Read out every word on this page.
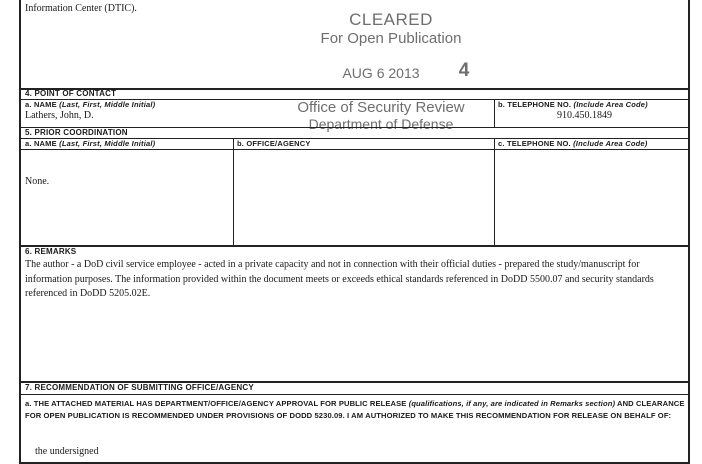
Information Center (DTIC).
CLEARED
For Open Publication
AUG 6 2013	4
4. POINT OF CONTACT
a. NAME (Last, First, Middle Initial)
Lathers, John, D.	Office of Security Review
Department of Defense
b. TELEPHONE NO. (Include Area Code)
910.450.1849
5. PRIOR COORDINATION
a. NAME (Last, First, Middle Initial)	b. OFFICE/AGENCY	c. TELEPHONE NO. (Include Area Code)
None.
6. REMARKS
The author - a DoD civil service employee - acted in a private capacity and not in connection with their official duties - prepared the study/manuscript for information purposes. The information provided within the document meets or exceeds ethical standards referenced in DoDD 5500.07 and security standards referenced in DoDD 5205.02E.
7. RECOMMENDATION OF SUBMITTING OFFICE/AGENCY
a. THE ATTACHED MATERIAL HAS DEPARTMENT/OFFICE/AGENCY APPROVAL FOR PUBLIC RELEASE (qualifications, if any, are indicated in Remarks section) AND CLEARANCE FOR OPEN PUBLICATION IS RECOMMENDED UNDER PROVISIONS OF DODD 5230.09. I AM AUTHORIZED TO MAKE THIS RECOMMENDATION FOR RELEASE ON BEHALF OF:
the undersigned
